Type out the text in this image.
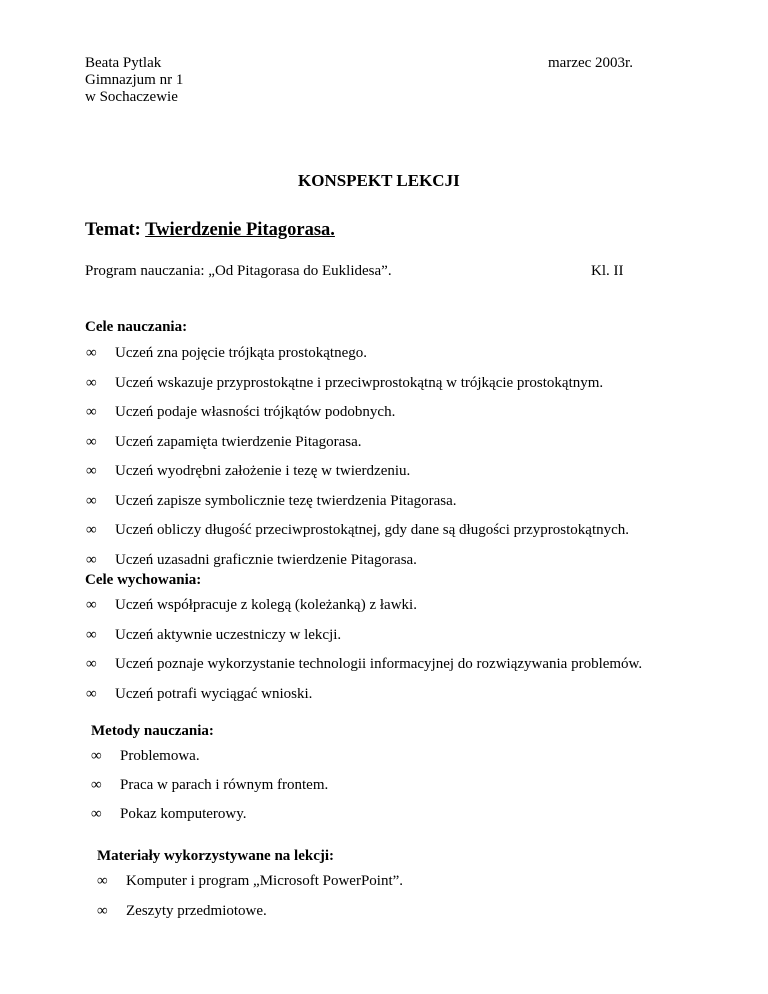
Beata Pytlak
Gimnazjum nr 1
w Sochaczewie
marzec 2003r.
KONSPEKT LEKCJI
Temat: Twierdzenie Pitagorasa.
Program nauczania: „Od Pitagorasa do Euklidesa”.	Kl. II
Cele nauczania:
∞ Uczeń zna pojęcie trójkąta prostokątnego.
∞ Uczeń wskazuje przyprostokątne i przeciwprostokątną w trójkącie prostokątnym.
∞ Uczeń podaje własności trójkątów podobnych.
∞ Uczeń zapamięta twierdzenie Pitagorasa.
∞ Uczeń wyodrębni założenie i tezę w twierdzeniu.
∞ Uczeń zapisze symbolicznie tezę twierdzenia Pitagorasa.
∞ Uczeń obliczy długość przeciwprostokątnej, gdy dane są długości przyprostokątnych.
∞ Uczeń uzasadni graficznie twierdzenie Pitagorasa.
Cele wychowania:
∞ Uczeń współpracuje z kolegą (koleżanką) z ławki.
∞ Uczeń aktywnie uczestniczy w lekcji.
∞ Uczeń poznaje wykorzystanie technologii informacyjnej do rozwiązywania problemów.
∞ Uczeń potrafi wyciągać wnioski.
Metody nauczania:
∞ Problemowa.
∞ Praca w parach i równym frontem.
∞ Pokaz komputerowy.
Materiały wykorzystywane na lekcji:
∞ Komputer i program „Microsoft PowerPoint”.
∞ Zeszyty przedmiotowe.
